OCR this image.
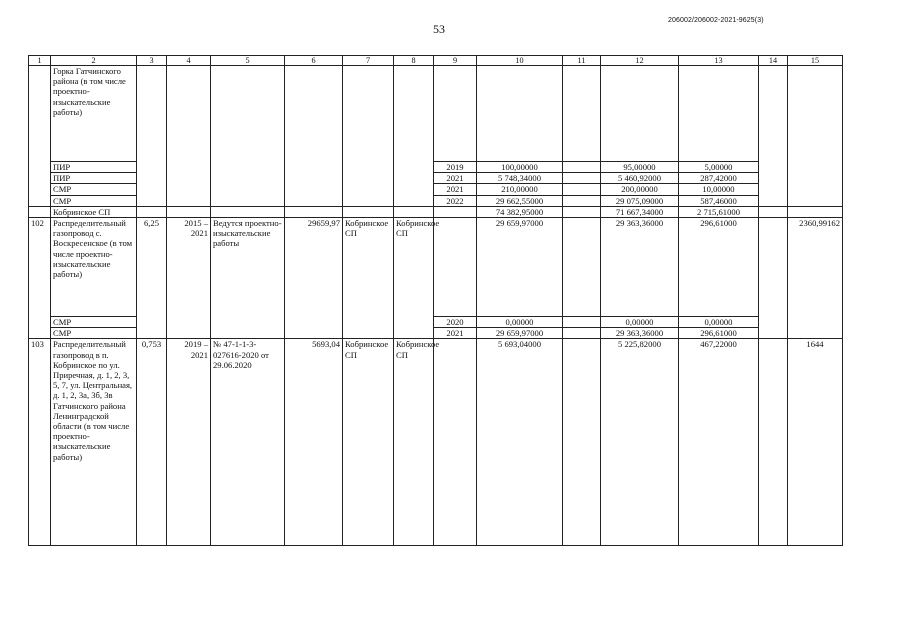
53
206002/206002-2021-9625(3)
1	2	3	4	5	6	7	8	9	10	11	12	13	14	15
	Горка Гатчинского района (в том числе проектно-изыскательские работы)													
	ПИР							2019	100,00000		95,00000	5,00000		
	ПИР							2021	5 748,34000		5 460,92000	287,42000		
	СМР							2021	210,00000		200,00000	10,00000		
	СМР							2022	29 662,55000		29 075,09000	587,46000		
	Кобринское СП								74 382,95000		71 667,34000	2 715,61000		
102	Распределительный газопровод с. Воскресенское (в том числе проектно-изыскательские работы)	6,25	2015 – 2021	Ведутся проектно-изыскательские работы	29659,97	Кобринское СП	Кобринское СП		29 659,97000		29 363,36000	296,61000		2360,99162
	СМР							2020	0,00000		0,00000	0,00000		
	СМР							2021	29 659,97000		29 363,36000	296,61000		
103	Распределительный газопровод в п. Кобринское по ул. Приречная, д. 1, 2, 3, 5, 7, ул. Центральная, д. 1, 2, 3а, 3б, 3в Гатчинского района Ленинградской области (в том числе проектно-изыскательские работы)	0,753	2019 – 2021	№ 47-1-1-3-027616-2020 от 29.06.2020	5693,04	Кобринское СП	Кобринское СП		5 693,04000		5 225,82000	467,22000		1644
